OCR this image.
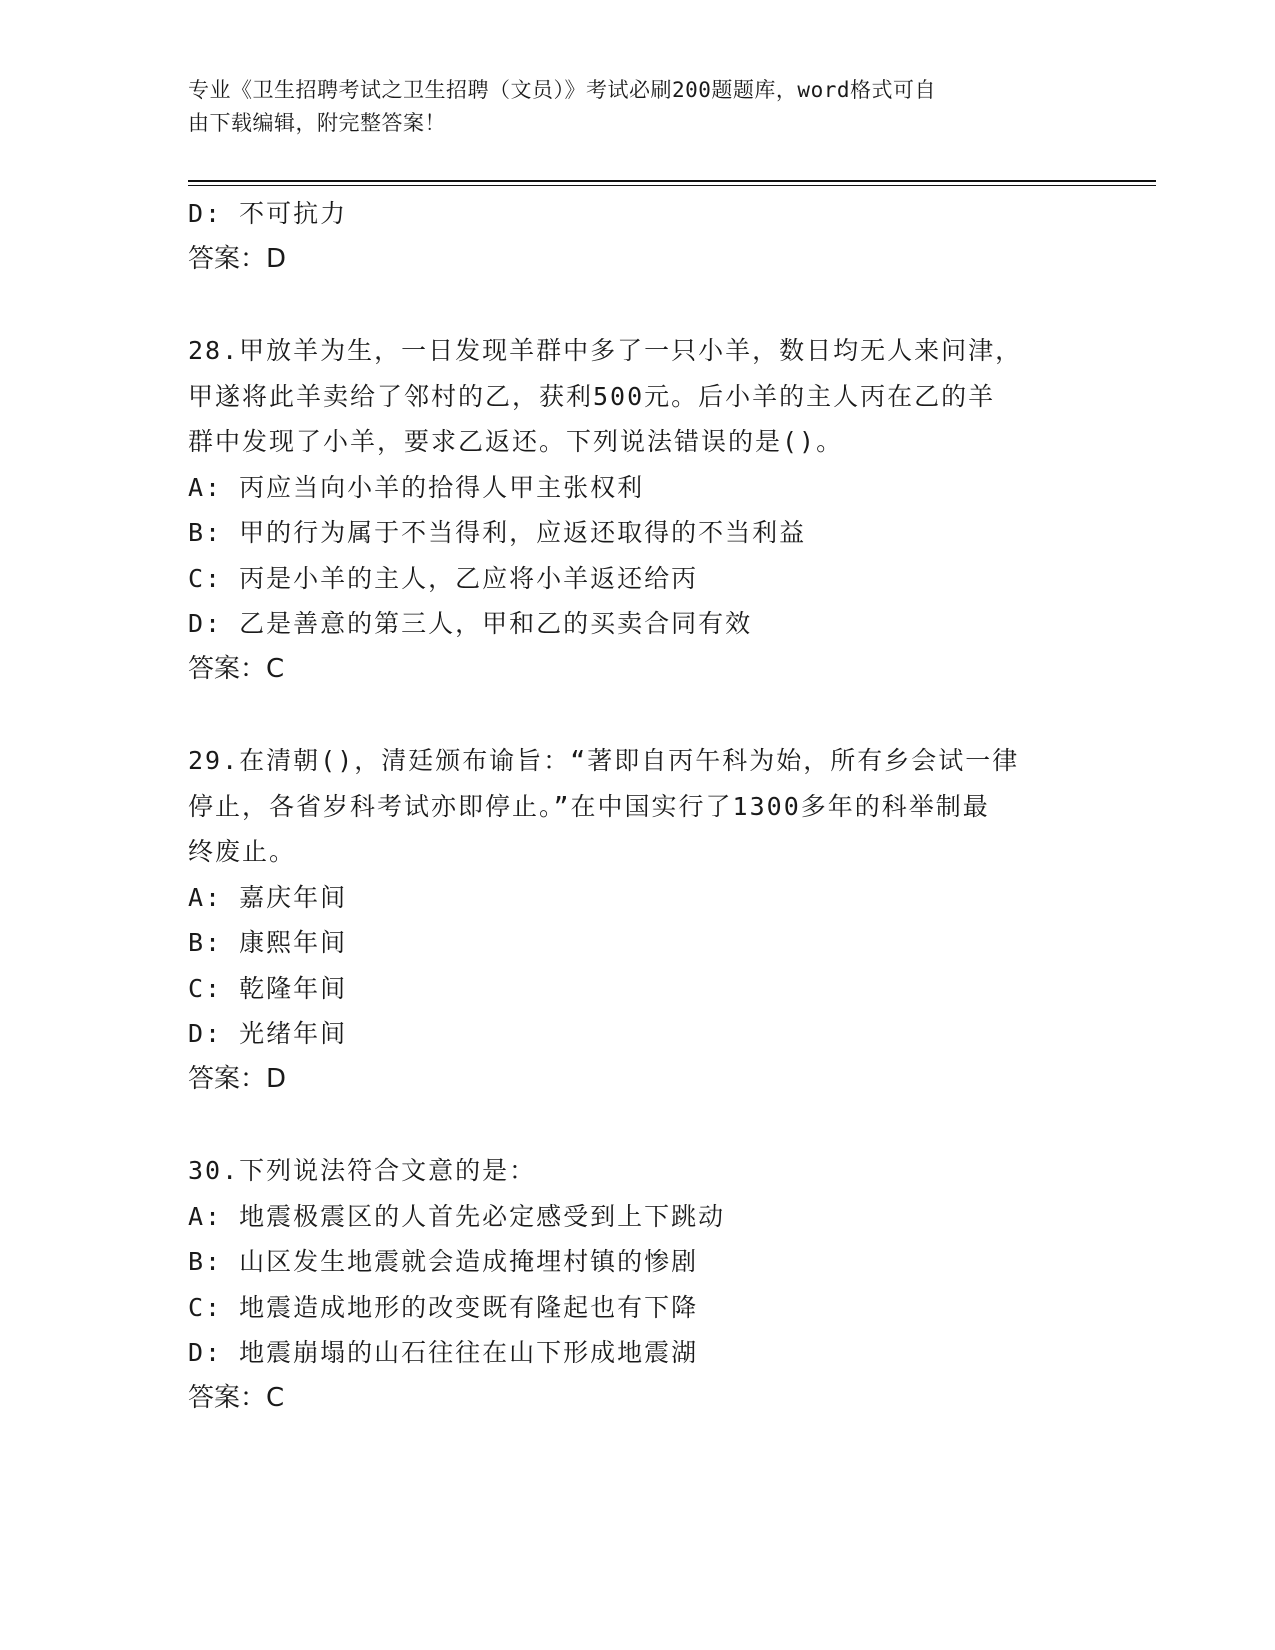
专业《卫生招聘考试之卫生招聘（文员）》考试必刷200题题库，word格式可自
由下载编辑，附完整答案！
D: 不可抗力
答案：D
28.甲放羊为生，一日发现羊群中多了一只小羊，数日均无人来问津，
甲遂将此羊卖给了邻村的乙，获利500元。后小羊的主人丙在乙的羊
群中发现了小羊，要求乙返还。下列说法错误的是()。
A: 丙应当向小羊的拾得人甲主张权利
B: 甲的行为属于不当得利，应返还取得的不当利益
C: 丙是小羊的主人，乙应将小羊返还给丙
D: 乙是善意的第三人，甲和乙的买卖合同有效
答案：C
29.在清朝()，清廷颁布谕旨：“著即自丙午科为始，所有乡会试一律
停止，各省岁科考试亦即停止。”在中国实行了1300多年的科举制最
终废止。
A: 嘉庆年间
B: 康熙年间
C: 乾隆年间
D: 光绪年间
答案：D
30.下列说法符合文意的是：
A: 地震极震区的人首先必定感受到上下跳动
B: 山区发生地震就会造成掩埋村镇的惨剧
C: 地震造成地形的改变既有隆起也有下降
D: 地震崩塌的山石往往在山下形成地震湖
答案：C
